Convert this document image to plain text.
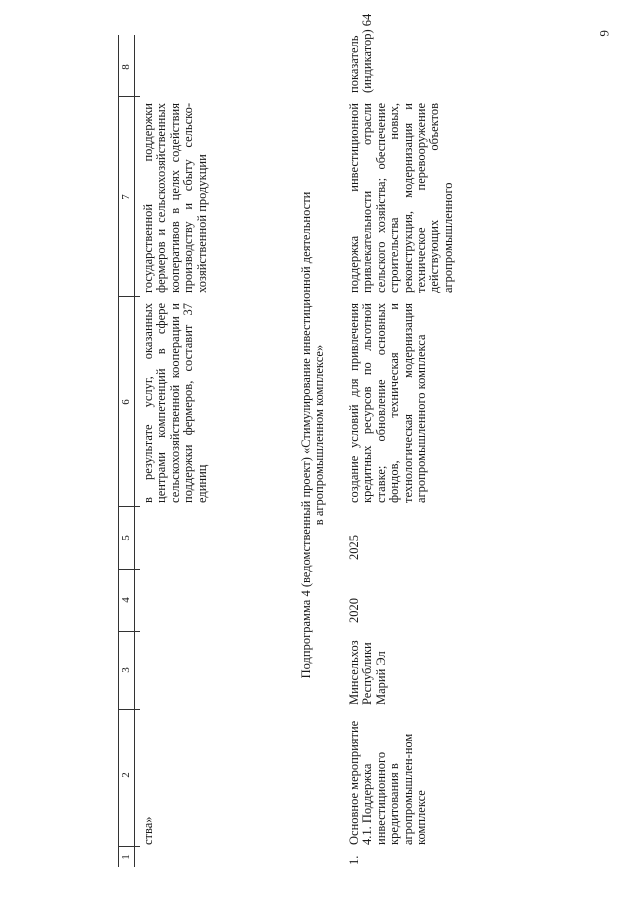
6
1
2
3
4
5
6
7
8
ства»
в результате услуг, оказанных центрами компетенций в сфере сельскохозяйственной кооперации и поддержки фермеров, составит 37 единиц
государственной поддержки фермеров и сельскохозяйственных кооперативов в целях содействия производству и сбыту сельско-хозяйственной продукции
Подпрограмма 4 (ведомственный проект) «Стимулирование инвестиционной деятельности
в агропромышленном комплексе»
1.
Основное мероприятие 4.1. Поддержка инвестиционного кредитования в агропромышлен-ном комплексе
Минсельхоз Республики Марий Эл
2020
2025
создание условий для привлечения кредитных ресурсов по льготной ставке; обновление основных фондов, техническая и технологическая модернизация агропромышленного комплекса
поддержка инвестиционной привлекательности отрасли сельского хозяйства; обеспечение строительства новых, реконструкция, модернизация и техническое перевооружение действующих объектов агропромышленного
показатель (индикатор) 64
